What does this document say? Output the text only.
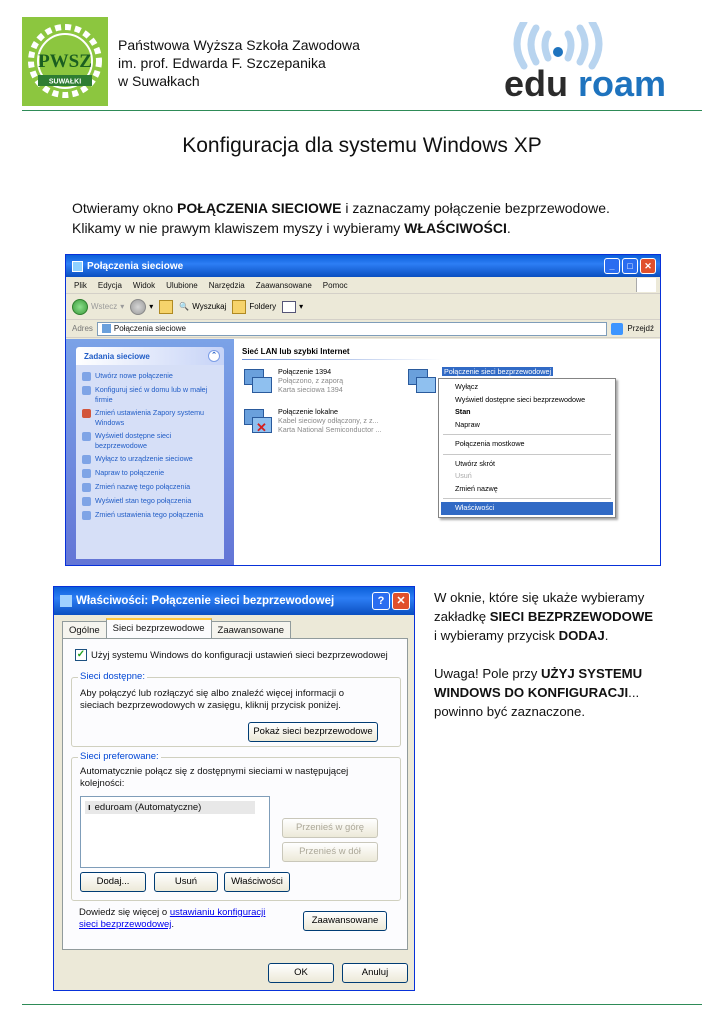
PWSZ
SUWAŁKI
Państwowa Wyższa Szkoła Zawodowa
im. prof. Edwarda F. Szczepanika
w Suwałkach	edu roam
Konfiguracja dla systemu Windows XP
Otwieramy okno POŁĄCZENIA SIECIOWE i zaznaczamy połączenie bezprzewodowe.
Klikamy w nie prawym klawiszem myszy i wybieramy WŁAŚCIWOŚCI.
Połączenia sieciowe	_	□	✕
Plik Edycja Widok Ulubione Narzędzia Zaawansowane Pomoc
Wstecz ▾	▾	🔍 Wyszukaj	Foldery	▾
Adres	Połączenia sieciowe	Przejdź
Zadania sieciowe	⌃
Utwórz nowe połączenie
Konfiguruj sieć w domu lub w małej firmie
Zmień ustawienia Zapory systemu Windows
Wyświetl dostępne sieci bezprzewodowe
Wyłącz to urządzenie sieciowe
Napraw to połączenie
Zmień nazwę tego połączenia
Wyświetl stan tego połączenia
Zmień ustawienia tego połączenia
Sieć LAN lub szybki Internet
Połączenie 1394
Połączono, z zaporą
Karta sieciowa 1394
✕
Połączenie lokalne
Kabel sieciowy odłączony, z z...
Karta National Semiconductor ...
Połączenie sieci bezprzewodowej
Wyłącz
Wyświetl dostępne sieci bezprzewodowe
Stan
Napraw
Połączenia mostkowe
Utwórz skrót
Usuń
Zmień nazwę
Właściwości
Właściwości: Połączenie sieci bezprzewodowej	?	✕
Ogólne	Sieci bezprzewodowe	Zaawansowane
✓ Użyj systemu Windows do konfiguracji ustawień sieci bezprzewodowej
Sieci dostępne:
Aby połączyć lub rozłączyć się albo znaleźć więcej informacji o
sieciach bezprzewodowych w zasięgu, kliknij przycisk poniżej.
Pokaż sieci bezprzewodowe
Sieci preferowane:
Automatycznie połącz się z dostępnymi sieciami w następującej
kolejności:
ı eduroam (Automatyczne)
Przenieś w górę
Przenieś w dół
Dodaj...	Usuń	Właściwości
Dowiedz się więcej o ustawianiu konfiguracji
sieci bezprzewodowej.	Zaawansowane
OK	Anuluj

W oknie, które się ukaże wybieramy
zakładkę SIECI BEZPRZEWODOWE
i wybieramy przycisk DODAJ.

Uwaga! Pole przy UŻYJ SYSTEMU
WINDOWS DO KONFIGURACJI...
powinno być zaznaczone.
